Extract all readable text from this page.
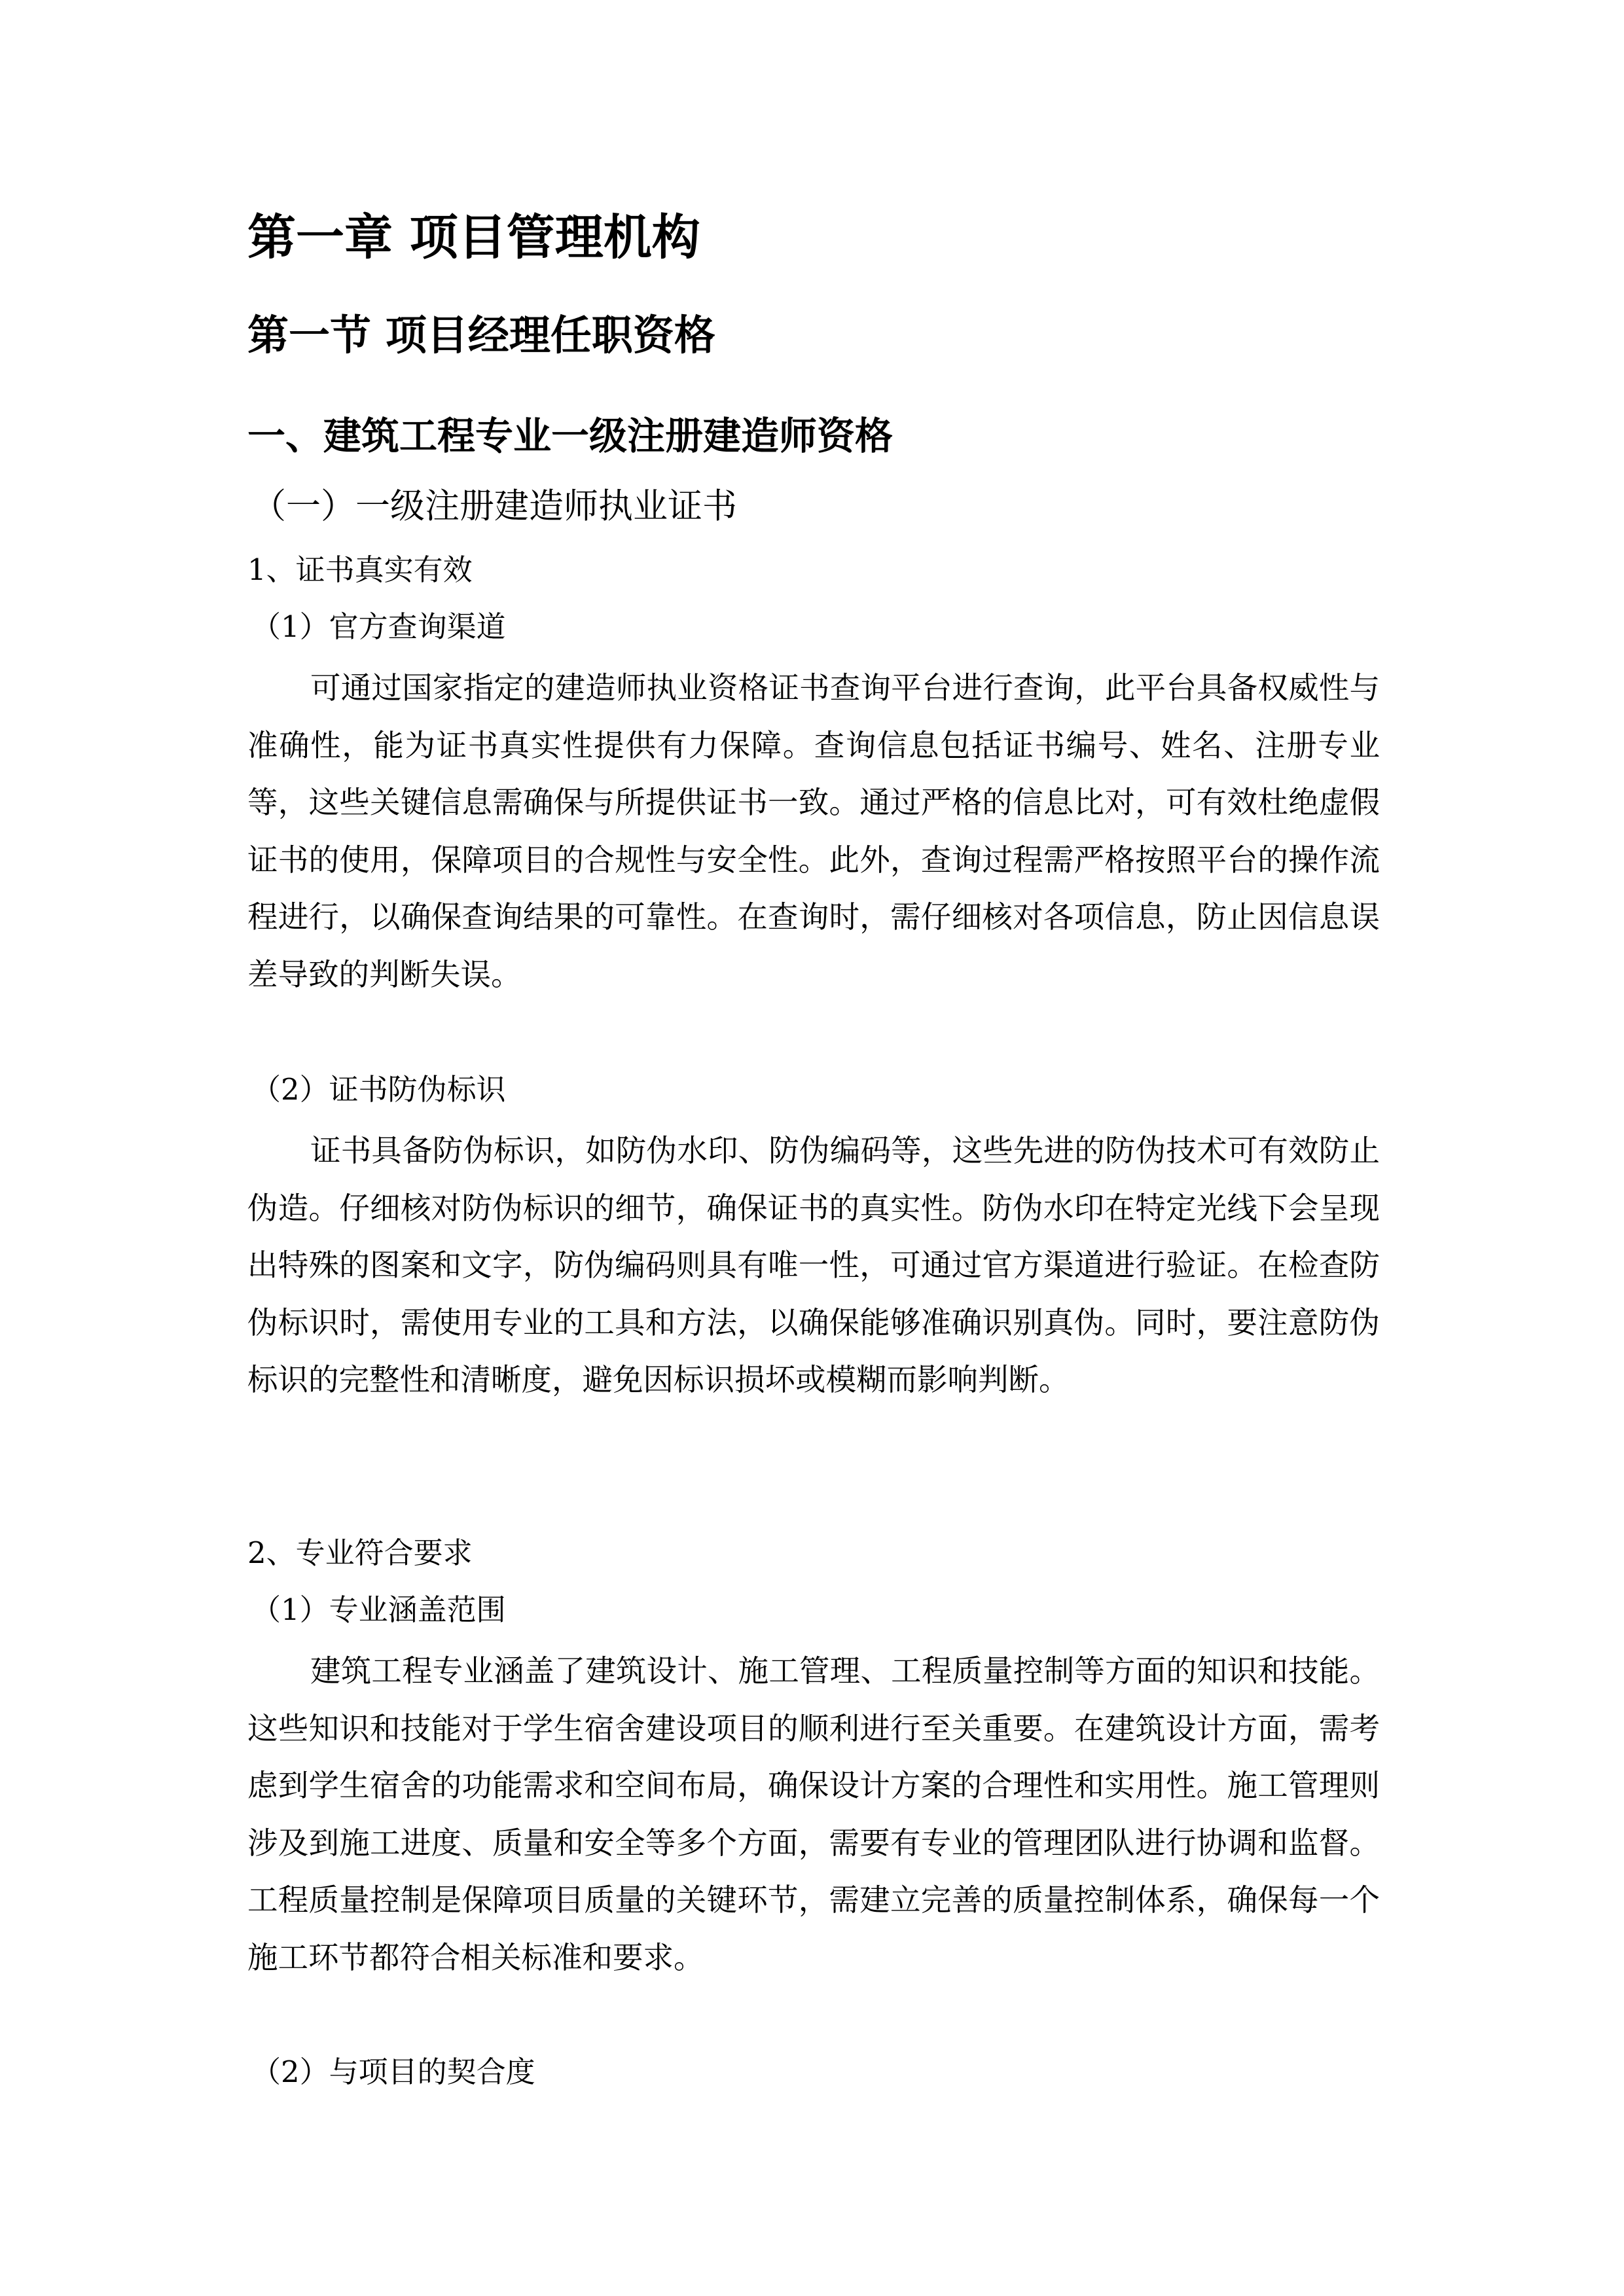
第一章 项目管理机构
第一节 项目经理任职资格
一、建筑工程专业一级注册建造师资格
（一）一级注册建造师执业证书
1、证书真实有效
（1）官方查询渠道

可通过国家指定的建造师执业资格证书查询平台进行查询，此平台具备权威性与准确性，能为证书真实性提供有力保障。查询信息包括证书编号、姓名、注册专业等，这些关键信息需确保与所提供证书一致。通过严格的信息比对，可有效杜绝虚假证书的使用，保障项目的合规性与安全性。此外，查询过程需严格按照平台的操作流程进行，以确保查询结果的可靠性。在查询时，需仔细核对各项信息，防止因信息误差导致的判断失误。

（2）证书防伪标识

证书具备防伪标识，如防伪水印、防伪编码等，这些先进的防伪技术可有效防止伪造。仔细核对防伪标识的细节，确保证书的真实性。防伪水印在特定光线下会呈现出特殊的图案和文字，防伪编码则具有唯一性，可通过官方渠道进行验证。在检查防伪标识时，需使用专业的工具和方法，以确保能够准确识别真伪。同时，要注意防伪标识的完整性和清晰度，避免因标识损坏或模糊而影响判断。

2、专业符合要求
（1）专业涵盖范围

建筑工程专业涵盖了建筑设计、施工管理、工程质量控制等方面的知识和技能。这些知识和技能对于学生宿舍建设项目的顺利进行至关重要。在建筑设计方面，需考虑到学生宿舍的功能需求和空间布局，确保设计方案的合理性和实用性。施工管理则涉及到施工进度、质量和安全等多个方面，需要有专业的管理团队进行协调和监督。工程质量控制是保障项目质量的关键环节，需建立完善的质量控制体系，确保每一个施工环节都符合相关标准和要求。

（2）与项目的契合度
